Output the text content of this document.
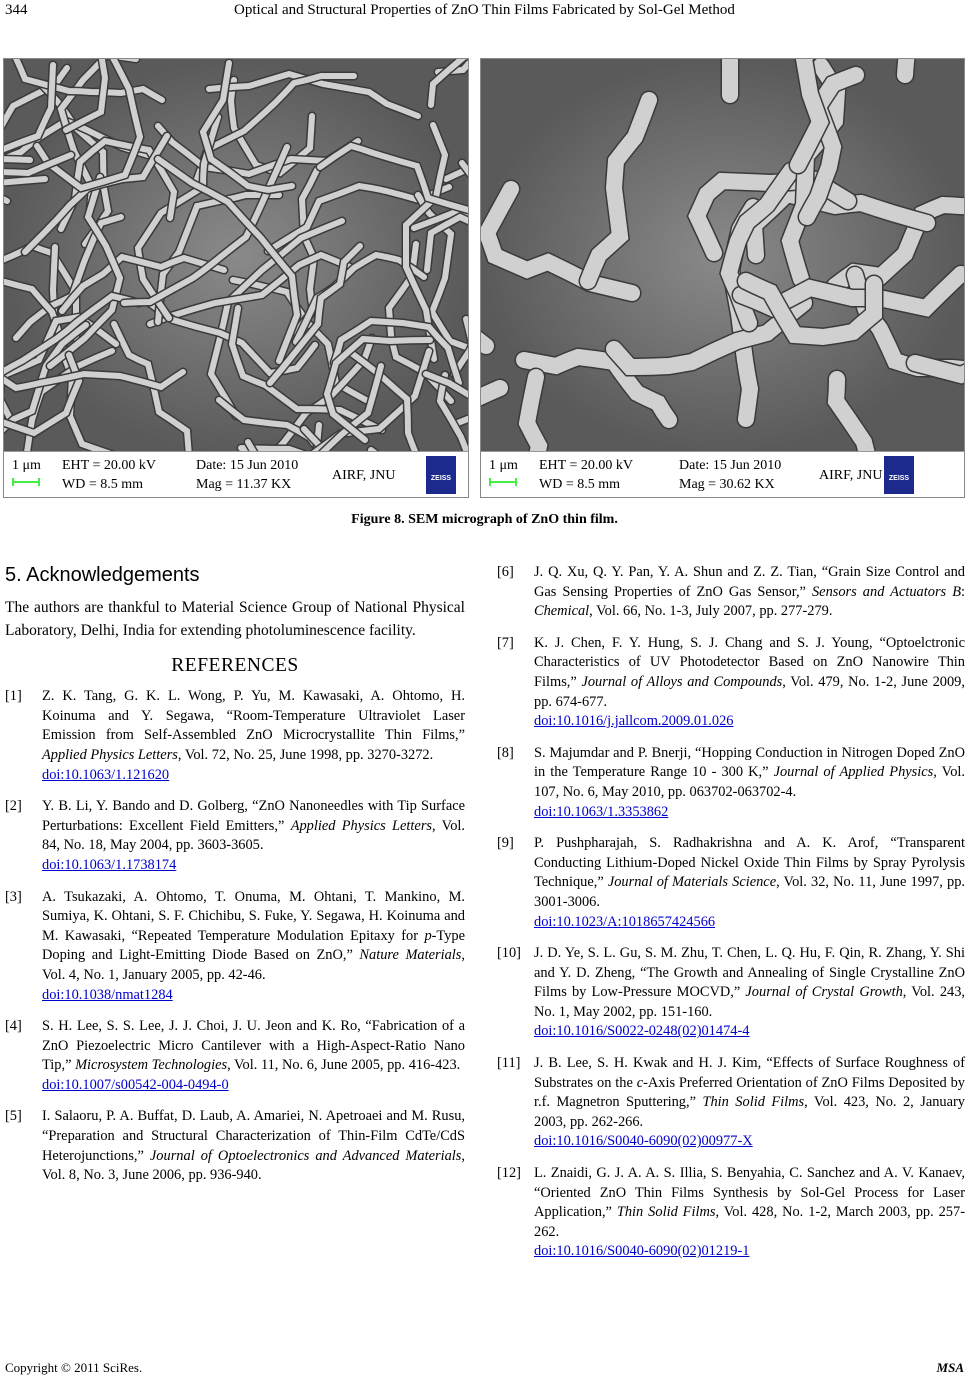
344	Optical and Structural Properties of ZnO Thin Films Fabricated by Sol-Gel Method
1 μm EHT = 20.00 kV
WD = 8.5 mm
Date: 15 Jun 2010
Mag = 11.37 KX
AIRF, JNU	ZEISS
1 μm EHT = 20.00 kV
WD = 8.5 mm
Date: 15 Jun 2010
Mag = 30.62 KX
AIRF, JNU ZEISS
Figure 8. SEM micrograph of ZnO thin film.
5. Acknowledgements

The authors are thankful to Material Science Group of National Physical Laboratory, Delhi, India for extending photoluminescence facility.

REFERENCES
[1]	Z. K. Tang, G. K. L. Wong, P. Yu, M. Kawasaki, A. Ohtomo, H. Koinuma and Y. Segawa, “Room-Temperature Ultraviolet Laser Emission from Self-Assembled ZnO Microcrystallite Thin Films,” Applied Physics Letters, Vol. 72, No. 25, June 1998, pp. 3270-3272.
doi:10.1063/1.121620
[2]	Y. B. Li, Y. Bando and D. Golberg, “ZnO Nanoneedles with Tip Surface Perturbations: Excellent Field Emitters,” Applied Physics Letters, Vol. 84, No. 18, May 2004, pp. 3603-3605.
doi:10.1063/1.1738174
[3]	A. Tsukazaki, A. Ohtomo, T. Onuma, M. Ohtani, T. Mankino, M. Sumiya, K. Ohtani, S. F. Chichibu, S. Fuke, Y. Segawa, H. Koinuma and M. Kawasaki, “Repeated Temperature Modulation Epitaxy for p-Type Doping and Light-Emitting Diode Based on ZnO,” Nature Materials, Vol. 4, No. 1, January 2005, pp. 42-46.
doi:10.1038/nmat1284
[4]	S. H. Lee, S. S. Lee, J. J. Choi, J. U. Jeon and K. Ro, “Fabrication of a ZnO Piezoelectric Micro Cantilever with a High-Aspect-Ratio Nano Tip,” Microsystem Technologies, Vol. 11, No. 6, June 2005, pp. 416-423.
doi:10.1007/s00542-004-0494-0
[5]	I. Salaoru, P. A. Buffat, D. Laub, A. Amariei, N. Apetroaei and M. Rusu, “Preparation and Structural Characterization of Thin-Film CdTe/CdS Heterojunctions,” Journal of Optoelectronics and Advanced Materials, Vol. 8, No. 3, June 2006, pp. 936-940.
[6]	J. Q. Xu, Q. Y. Pan, Y. A. Shun and Z. Z. Tian, “Grain Size Control and Gas Sensing Properties of ZnO Gas Sensor,” Sensors and Actuators B: Chemical, Vol. 66, No. 1-3, July 2007, pp. 277-279.
[7]	K. J. Chen, F. Y. Hung, S. J. Chang and S. J. Young, “Optoelctronic Characteristics of UV Photodetector Based on ZnO Nanowire Thin Films,” Journal of Alloys and Compounds, Vol. 479, No. 1-2, June 2009, pp. 674-677.
doi:10.1016/j.jallcom.2009.01.026
[8]	S. Majumdar and P. Bnerji, “Hopping Conduction in Nitrogen Doped ZnO in the Temperature Range 10 - 300 K,” Journal of Applied Physics, Vol. 107, No. 6, May 2010, pp. 063702-063702-4.
doi:10.1063/1.3353862
[9]	P. Pushpharajah, S. Radhakrishna and A. K. Arof, “Transparent Conducting Lithium-Doped Nickel Oxide Thin Films by Spray Pyrolysis Technique,” Journal of Materials Science, Vol. 32, No. 11, June 1997, pp. 3001-3006.
doi:10.1023/A:1018657424566
[10] J. D. Ye, S. L. Gu, S. M. Zhu, T. Chen, L. Q. Hu, F. Qin, R. Zhang, Y. Shi and Y. D. Zheng, “The Growth and Annealing of Single Crystalline ZnO Films by Low-Pressure MOCVD,” Journal of Crystal Growth, Vol. 243, No. 1, May 2002, pp. 151-160.
doi:10.1016/S0022-0248(02)01474-4
[11] J. B. Lee, S. H. Kwak and H. J. Kim, “Effects of Surface Roughness of Substrates on the c-Axis Preferred Orientation of ZnO Films Deposited by r.f. Magnetron Sputtering,” Thin Solid Films, Vol. 423, No. 2, January 2003, pp. 262-266.
doi:10.1016/S0040-6090(02)00977-X
[12] L. Znaidi, G. J. A. A. S. Illia, S. Benyahia, C. Sanchez and A. V. Kanaev, “Oriented ZnO Thin Films Synthesis by Sol-Gel Process for Laser Application,” Thin Solid Films, Vol. 428, No. 1-2, March 2003, pp. 257-262.
doi:10.1016/S0040-6090(02)01219-1
Copyright © 2011 SciRes.	MSA
